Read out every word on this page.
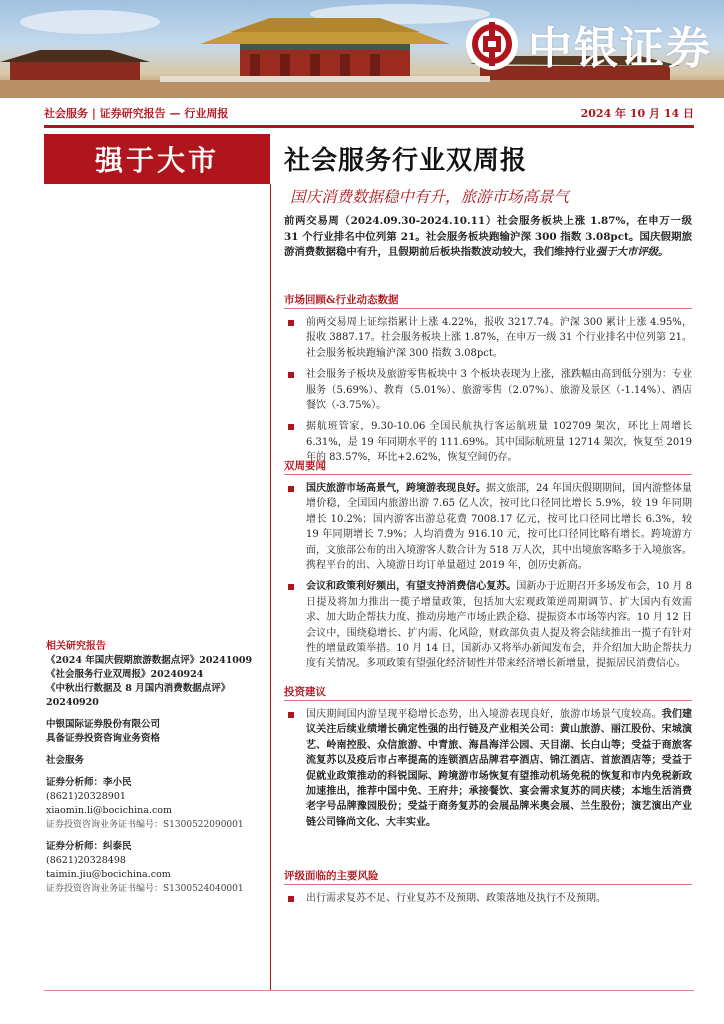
中银证券
社会服务 | 证券研究报告 — 行业周报	2024 年 10 月 14 日
强于大市
相关研究报告
《2024 年国庆假期旅游数据点评》20241009
《社会服务行业双周报》20240924
《中秋出行数据及 8 月国内消费数据点评》20240920
中银国际证券股份有限公司
具备证券投资咨询业务资格
社会服务
证券分析师：李小民
(8621)20328901
xiaomin.li@bocichina.com
证券投资咨询业务证书编号：S1300522090001
证券分析师：纠泰民
(8621)20328498
taimin.jiu@bocichina.com
证券投资咨询业务证书编号：S1300524040001
社会服务行业双周报
国庆消费数据稳中有升，旅游市场高景气
前两交易周（2024.09.30-2024.10.11）社会服务板块上涨 1.87%，在申万一级 31 个行业排名中位列第 21。社会服务板块跑输沪深 300 指数 3.08pct。国庆假期旅游消费数据稳中有升，且假期前后板块指数波动较大，我们维持行业强于大市评级。
市场回顾&行业动态数据
前两交易周上证综指累计上涨 4.22%，报收 3217.74。沪深 300 累计上涨 4.95%，报收 3887.17。社会服务板块上涨 1.87%，在申万一级 31 个行业排名中位列第 21。社会服务板块跑输沪深 300 指数 3.08pct。
社会服务子板块及旅游零售板块中 3 个板块表现为上涨，涨跌幅由高到低分别为：专业服务（5.69%）、教育（5.01%）、旅游零售（2.07%）、旅游及景区（-1.14%）、酒店餐饮（-3.75%）。
据航班管家，9.30-10.06 全国民航执行客运航班量 102709 架次，环比上周增长 6.31%，是 19 年同期水平的 111.69%。其中国际航班量 12714 架次，恢复至 2019 年的 83.57%，环比+2.62%，恢复空间仍存。
双周要闻
国庆旅游市场高景气，跨境游表现良好。据文旅部，24 年国庆假期期间，国内游整体量增价稳，全国国内旅游出游 7.65 亿人次，按可比口径同比增长 5.9%，较 19 年同期增长 10.2%；国内游客出游总花费 7008.17 亿元，按可比口径同比增长 6.3%，较 19 年同期增长 7.9%；人均消费为 916.10 元，按可比口径同比略有增长。跨境游方面，文旅部公布的出入境游客人数合计为 518 万人次，其中出境旅客略多于入境旅客。携程平台的出、入境游日均订单量超过 2019 年，创历史新高。
会议和政策利好频出，有望支持消费信心复苏。国新办于近期召开多场发布会，10 月 8 日提及将加力推出一揽子增量政策，包括加大宏观政策逆周期调节、扩大国内有效需求、加大助企帮扶力度、推动房地产市场止跌企稳、提振资本市场等内容。10 月 12 日会议中，围绕稳增长、扩内需、化风险，财政部负责人提及将会陆续推出一揽子有针对性的增量政策举措。10 月 14 日，国新办又将举办新闻发布会，并介绍加大助企帮扶力度有关情况。多项政策有望强化经济韧性并带来经济增长新增量，提振居民消费信心。
投资建议
国庆期间国内游呈现平稳增长态势，出入境游表现良好，旅游市场景气度较高。我们建议关注后续业绩增长确定性强的出行链及产业相关公司：黄山旅游、丽江股份、宋城演艺、岭南控股、众信旅游、中青旅、海昌海洋公园、天目湖、长白山等；受益于商旅客流复苏以及疫后市占率提高的连锁酒店品牌君亭酒店、锦江酒店、首旅酒店等；受益于促就业政策推动的科锐国际、跨境游市场恢复有望推动机场免税的恢复和市内免税新政加速推出，推荐中国中免、王府井；承接餐饮、宴会需求复苏的同庆楼；本地生活消费老字号品牌豫园股份；受益于商务复苏的会展品牌米奥会展、兰生股份；演艺演出产业链公司锋尚文化、大丰实业。
评级面临的主要风险
出行需求复苏不足、行业复苏不及预期、政策落地及执行不及预期。
